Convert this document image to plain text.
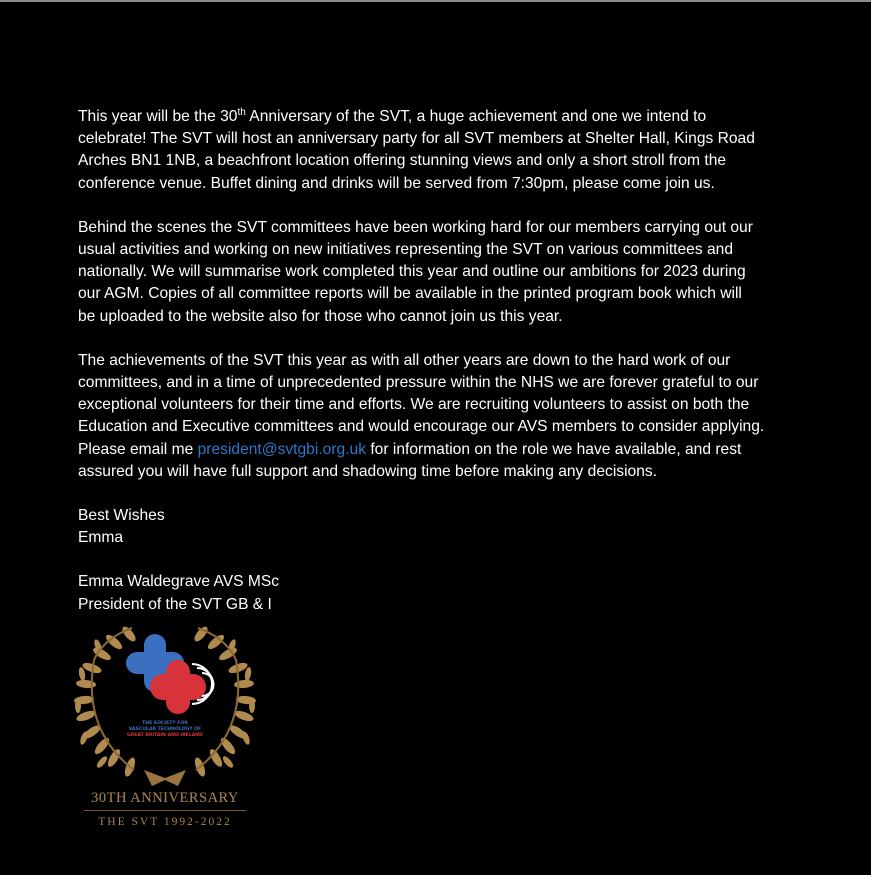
This year will be the 30th Anniversary of the SVT, a huge achievement and one we intend to
celebrate! The SVT will host an anniversary party for all SVT members at Shelter Hall, Kings Road
Arches BN1 1NB, a beachfront location offering stunning views and only a short stroll from the
conference venue. Buffet dining and drinks will be served from 7:30pm, please come join us.

Behind the scenes the SVT committees have been working hard for our members carrying out our
usual activities and working on new initiatives representing the SVT on various committees and
nationally. We will summarise work completed this year and outline our ambitions for 2023 during
our AGM. Copies of all committee reports will be available in the printed program book which will
be uploaded to the website also for those who cannot join us this year.

The achievements of the SVT this year as with all other years are down to the hard work of our
committees, and in a time of unprecedented pressure within the NHS we are forever grateful to our
exceptional volunteers for their time and efforts. We are recruiting volunteers to assist on both the
Education and Executive committees and would encourage our AVS members to consider applying.
Please email me president@svtgbi.org.uk for information on the role we have available, and rest
assured you will have full support and shadowing time before making any decisions.

Best Wishes
Emma

Emma Waldegrave AVS MSc
President of the SVT GB & I

THE SOCIETY FOR
VASCULAR TECHNOLOGY OF
GREAT BRITAIN AND IRELAND
30TH ANNIVERSARY
THE SVT 1992-2022
